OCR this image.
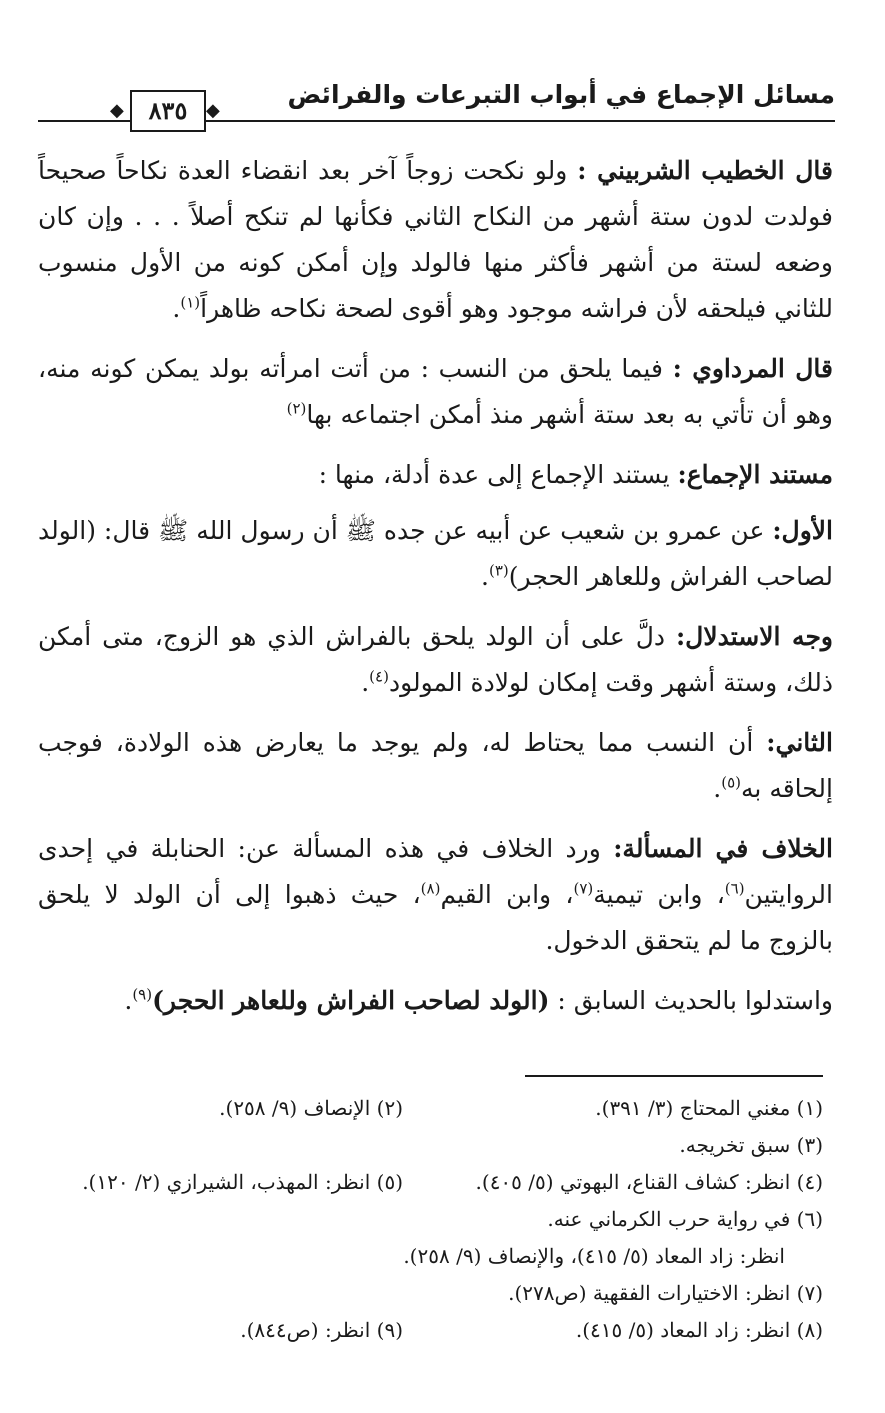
مسائل الإجماع في أبواب التبرعات والفرائض
◆	٨٣٥	◆

قال الخطيب الشربيني : ولو نكحت زوجاً آخر بعد انقضاء العدة نكاحاً صحيحاً فولدت لدون ستة أشهر من النكاح الثاني فكأنها لم تنكح أصلاً . . . وإن كان وضعه لستة من أشهر فأكثر منها فالولد وإن أمكن كونه من الأول منسوب للثاني فيلحقه لأن فراشه موجود وهو أقوى لصحة نكاحه ظاهراً$^{(١)}$.

قال المرداوي : فيما يلحق من النسب : من أتت امرأته بولد يمكن كونه منه، وهو أن تأتي به بعد ستة أشهر منذ أمكن اجتماعه بها$^{(٢)}$

مستند الإجماع: يستند الإجماع إلى عدة أدلة، منها :

الأول: عن عمرو بن شعيب عن أبيه عن جده ﷺ أن رسول الله ﷺ قال: (الولد لصاحب الفراش وللعاهر الحجر)$^{(٣)}$.

وجه الاستدلال: دلَّ على أن الولد يلحق بالفراش الذي هو الزوج، متى أمكن ذلك، وستة أشهر وقت إمكان لولادة المولود$^{(٤)}$.

الثاني: أن النسب مما يحتاط له، ولم يوجد ما يعارض هذه الولادة، فوجب إلحاقه به$^{(٥)}$.

الخلاف في المسألة: ورد الخلاف في هذه المسألة عن: الحنابلة في إحدى الروايتين$^{(٦)}$، وابن تيمية$^{(٧)}$، وابن القيم$^{(٨)}$، حيث ذهبوا إلى أن الولد لا يلحق بالزوج ما لم يتحقق الدخول.

واستدلوا بالحديث السابق : (الولد لصاحب الفراش وللعاهر الحجر)$^{(٩)}$.

(١) مغني المحتاج (٣/ ٣٩١).
(٢) الإنصاف (٩/ ٢٥٨).
(٣) سبق تخريجه.
(٤) انظر: كشاف القناع، البهوتي (٥/ ٤٠٥).
(٥) انظر: المهذب، الشيرازي (٢/ ١٢٠).
(٦) في رواية حرب الكرماني عنه.
انظر: زاد المعاد (٥/ ٤١٥)، والإنصاف (٩/ ٢٥٨).
(٧) انظر: الاختيارات الفقهية (ص٢٧٨).
(٨) انظر: زاد المعاد (٥/ ٤١٥).
(٩) انظر: (ص٨٤٤).
